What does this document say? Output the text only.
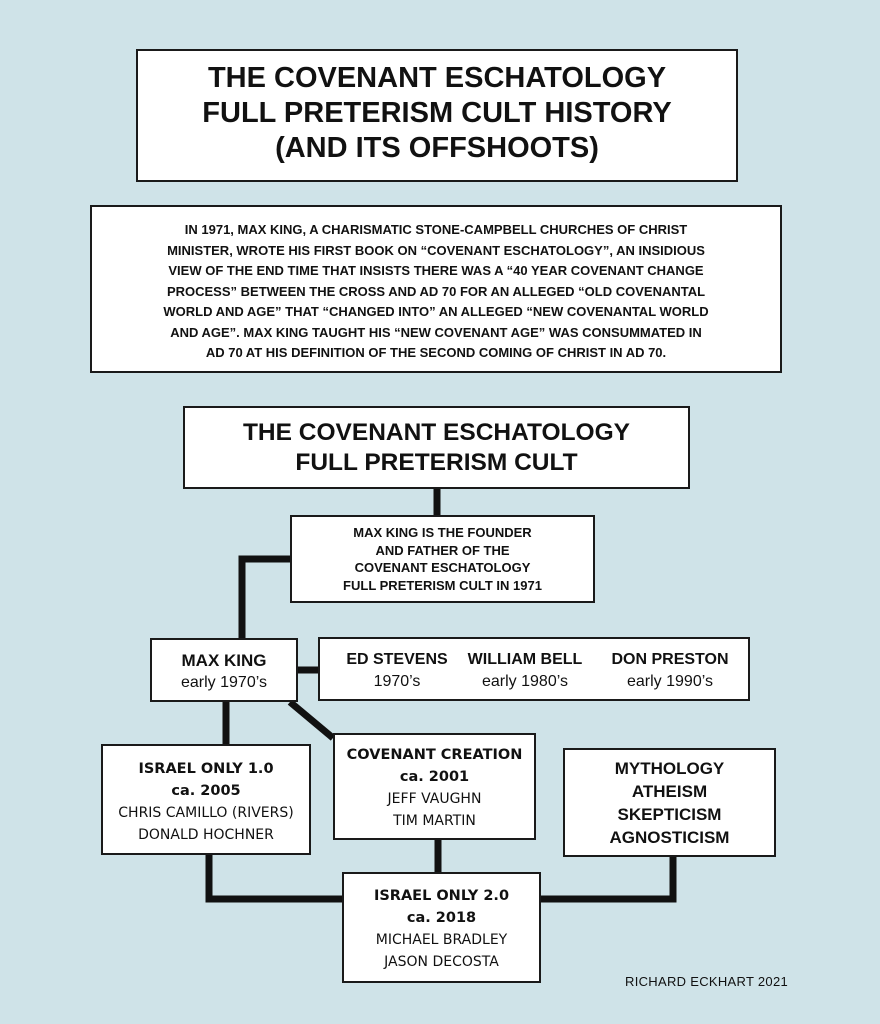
THE COVENANT ESCHATOLOGY
FULL PRETERISM CULT HISTORY
(AND ITS OFFSHOOTS)
IN 1971, MAX KING, A CHARISMATIC STONE-CAMPBELL CHURCHES OF CHRIST
MINISTER, WROTE HIS FIRST BOOK ON “COVENANT ESCHATOLOGY”, AN INSIDIOUS
VIEW OF THE END TIME THAT INSISTS THERE WAS A “40 YEAR COVENANT CHANGE
PROCESS” BETWEEN THE CROSS AND AD 70 FOR AN ALLEGED “OLD COVENANTAL
WORLD AND AGE” THAT “CHANGED INTO” AN ALLEGED “NEW COVENANTAL WORLD
AND AGE”. MAX KING TAUGHT HIS “NEW COVENANT AGE” WAS CONSUMMATED IN
AD 70 AT HIS DEFINITION OF THE SECOND COMING OF CHRIST IN AD 70.
THE COVENANT ESCHATOLOGY
FULL PRETERISM CULT
MAX KING IS THE FOUNDER
AND FATHER OF THE
COVENANT ESCHATOLOGY
FULL PRETERISM CULT IN 1971
MAX KING
early 1970’s
ED STEVENS
1970’s
WILLIAM BELL
early 1980’s
DON PRESTON
early 1990’s
ISRAEL ONLY 1.0
ca. 2005
CHRIS CAMILLO (RIVERS)
DONALD HOCHNER
COVENANT CREATION
ca. 2001
JEFF VAUGHN
TIM MARTIN
MYTHOLOGY
ATHEISM
SKEPTICISM
AGNOSTICISM
ISRAEL ONLY 2.0
ca. 2018
MICHAEL BRADLEY
JASON DECOSTA
RICHARD ECKHART 2021
